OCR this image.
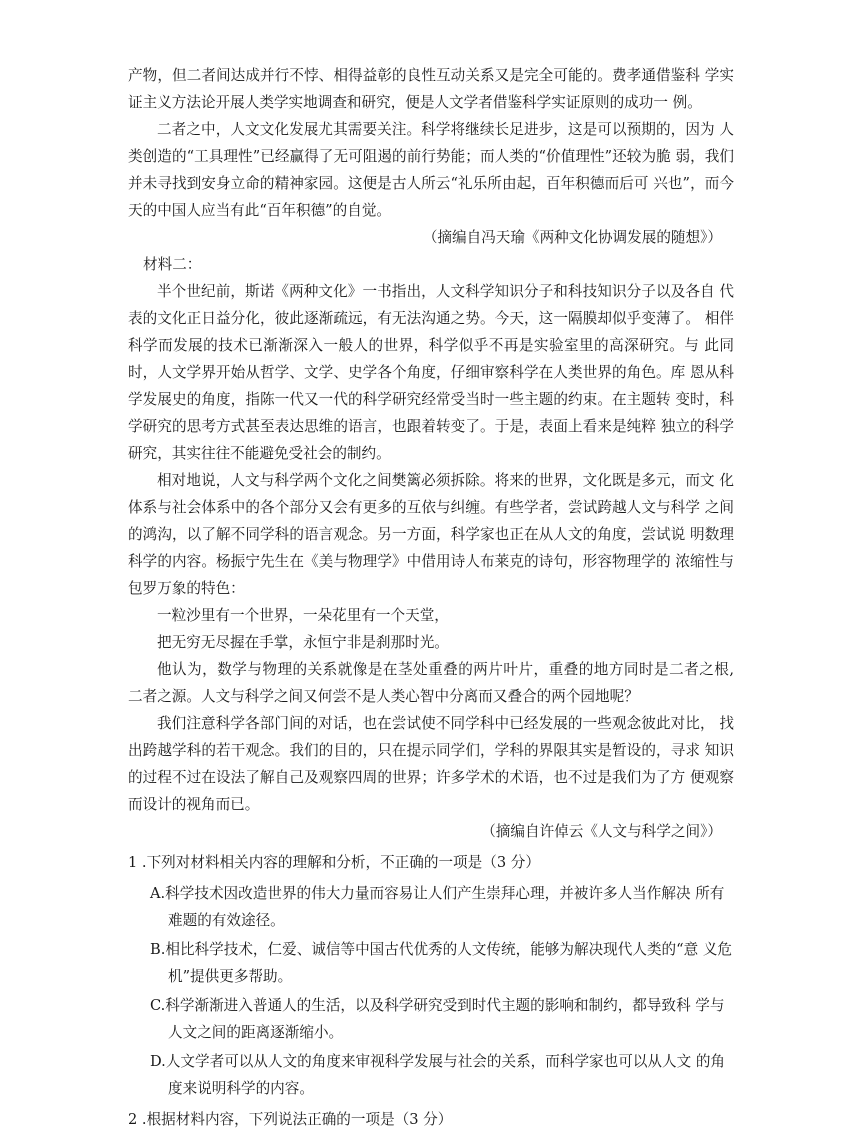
产物，但二者间达成并行不悖、相得益彰的良性互动关系又是完全可能的。费孝通借鉴科 学实证主义方法论开展人类学实地调查和研究，便是人文学者借鉴科学实证原则的成功一 例。

二者之中，人文文化发展尤其需要关注。科学将继续长足进步，这是可以预期的，因为 人类创造的“工具理性”已经赢得了无可阻遏的前行势能；而人类的“价值理性”还较为脆 弱，我们并未寻找到安身立命的精神家园。这便是古人所云“礼乐所由起，百年积德而后可 兴也”，而今天的中国人应当有此“百年积德”的自觉。

（摘编自冯天瑜《两种文化协调发展的随想》）

材料二：

半个世纪前，斯诺《两种文化》一书指出，人文科学知识分子和科技知识分子以及各自 代表的文化正日益分化，彼此逐渐疏远，有无法沟通之势。今天，这一隔膜却似乎变薄了。 相伴科学而发展的技术已渐渐深入一般人的世界，科学似乎不再是实验室里的高深研究。与 此同时，人文学界开始从哲学、文学、史学各个角度，仔细审察科学在人类世界的角色。库 恩从科学发展史的角度，指陈一代又一代的科学研究经常受当时一些主题的约束。在主题转 变时，科学研究的思考方式甚至表达思维的语言，也跟着转变了。于是，表面上看来是纯粹 独立的科学研究，其实往往不能避免受社会的制约。

相对地说，人文与科学两个文化之间樊篱必须拆除。将来的世界，文化既是多元，而文 化体系与社会体系中的各个部分又会有更多的互依与纠缠。有些学者，尝试跨越人文与科学 之间的鸿沟，以了解不同学科的语言观念。另一方面，科学家也正在从人文的角度，尝试说 明数理科学的内容。杨振宁先生在《美与物理学》中借用诗人布莱克的诗句，形容物理学的 浓缩性与包罗万象的特色：

一粒沙里有一个世界，一朵花里有一个天堂，

把无穷无尽握在手掌，永恒宁非是刹那时光。

他认为，数学与物理的关系就像是在茎处重叠的两片叶片，重叠的地方同时是二者之根, 二者之源。人文与科学之间又何尝不是人类心智中分离而又叠合的两个园地呢？

我们注意科学各部门间的对话，也在尝试使不同学科中已经发展的一些观念彼此对比， 找出跨越学科的若干观念。我们的目的，只在提示同学们，学科的界限其实是暂设的，寻求 知识的过程不过在设法了解自己及观察四周的世界；许多学术的术语，也不过是我们为了方 便观察而设计的视角而已。

（摘编自许倬云《人文与科学之间》）

1 .下列对材料相关内容的理解和分析，不正确的一项是（3 分）

A.科学技术因改造世界的伟大力量而容易让人们产生崇拜心理，并被许多人当作解决 所有难题的有效途径。

B.相比科学技术，仁爱、诚信等中国古代优秀的人文传统，能够为解决现代人类的“意 义危机”提供更多帮助。

C.科学渐渐进入普通人的生活，以及科学研究受到时代主题的影响和制约，都导致科 学与人文之间的距离逐渐缩小。

D.人文学者可以从人文的角度来审视科学发展与社会的关系，而科学家也可以从人文 的角度来说明科学的内容。

2 .根据材料内容，下列说法正确的一项是（3 分）
